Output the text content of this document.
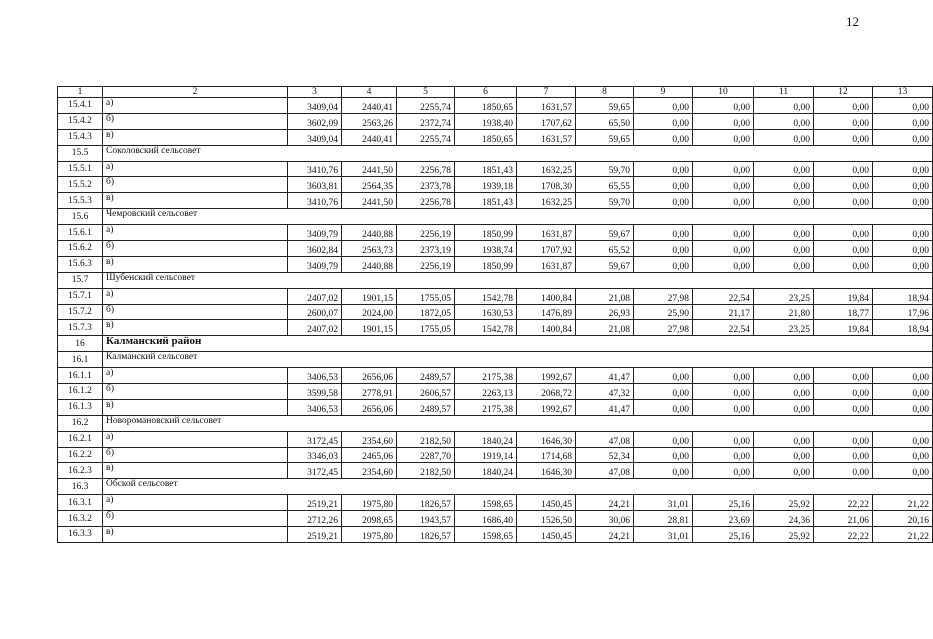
12
1	2	3	4	5	6	7	8	9	10	11	12	13
15.4.1	а)	3409,04	2440,41	2255,74	1850,65	1631,57	59,65	0,00	0,00	0,00	0,00	0,00
15.4.2	б)	3602,09	2563,26	2372,74	1938,40	1707,62	65,50	0,00	0,00	0,00	0,00	0,00
15.4.3	в)	3409,04	2440,41	2255,74	1850,65	1631,57	59,65	0,00	0,00	0,00	0,00	0,00
15.5	Соколовский сельсовет											
15.5.1	а)	3410,76	2441,50	2256,78	1851,43	1632,25	59,70	0,00	0,00	0,00	0,00	0,00
15.5.2	б)	3603,81	2564,35	2373,78	1939,18	1708,30	65,55	0,00	0,00	0,00	0,00	0,00
15.5.3	в)	3410,76	2441,50	2256,78	1851,43	1632,25	59,70	0,00	0,00	0,00	0,00	0,00
15.6	Чемровский сельсовет											
15.6.1	а)	3409,79	2440,88	2256,19	1850,99	1631,87	59,67	0,00	0,00	0,00	0,00	0,00
15.6.2	б)	3602,84	2563,73	2373,19	1938,74	1707,92	65,52	0,00	0,00	0,00	0,00	0,00
15.6.3	в)	3409,79	2440,88	2256,19	1850,99	1631,87	59,67	0,00	0,00	0,00	0,00	0,00
15.7	Шубенский сельсовет											
15.7.1	а)	2407,02	1901,15	1755,05	1542,78	1400,84	21,08	27,98	22,54	23,25	19,84	18,94
15.7.2	б)	2600,07	2024,00	1872,05	1630,53	1476,89	26,93	25,90	21,17	21,80	18,77	17,96
15.7.3	в)	2407,02	1901,15	1755,05	1542,78	1400,84	21,08	27,98	22,54	23,25	19,84	18,94
16	Калманский район											
16.1	Калманский сельсовет											
16.1.1	а)	3406,53	2656,06	2489,57	2175,38	1992,67	41,47	0,00	0,00	0,00	0,00	0,00
16.1.2	б)	3599,58	2778,91	2606,57	2263,13	2068,72	47,32	0,00	0,00	0,00	0,00	0,00
16.1.3	в)	3406,53	2656,06	2489,57	2175,38	1992,67	41,47	0,00	0,00	0,00	0,00	0,00
16.2	Новоромановский сельсовет											
16.2.1	а)	3172,45	2354,60	2182,50	1840,24	1646,30	47,08	0,00	0,00	0,00	0,00	0,00
16.2.2	б)	3346,03	2465,06	2287,70	1919,14	1714,68	52,34	0,00	0,00	0,00	0,00	0,00
16.2.3	в)	3172,45	2354,60	2182,50	1840,24	1646,30	47,08	0,00	0,00	0,00	0,00	0,00
16.3	Обской сельсовет											
16.3.1	а)	2519,21	1975,80	1826,57	1598,65	1450,45	24,21	31,01	25,16	25,92	22,22	21,22
16.3.2	б)	2712,26	2098,65	1943,57	1686,40	1526,50	30,06	28,81	23,69	24,36	21,06	20,16
16.3.3	в)	2519,21	1975,80	1826,57	1598,65	1450,45	24,21	31,01	25,16	25,92	22,22	21,22
